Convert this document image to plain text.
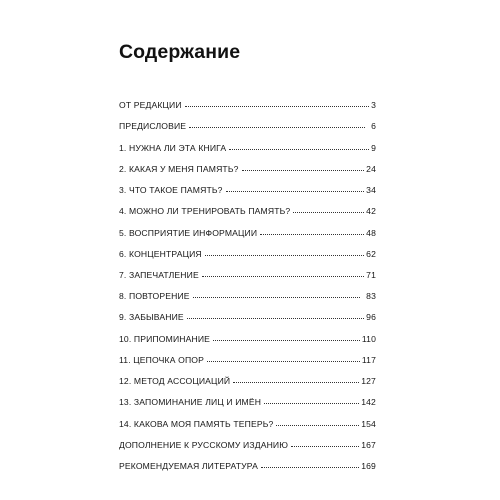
Содержание
ОТ РЕДАКЦИИ	3
ПРЕДИСЛОВИЕ	6
1. НУЖНА ЛИ ЭТА КНИГА	9
2. КАКАЯ У МЕНЯ ПАМЯТЬ?	24
3. ЧТО ТАКОЕ ПАМЯТЬ?	34
4. МОЖНО ЛИ ТРЕНИРОВАТЬ ПАМЯТЬ?	42
5. ВОСПРИЯТИЕ ИНФОРМАЦИИ	48
6. КОНЦЕНТРАЦИЯ	62
7. ЗАПЕЧАТЛЕНИЕ	71
8. ПОВТОРЕНИЕ	83
9. ЗАБЫВАНИЕ	96
10. ПРИПОМИНАНИЕ	110
11. ЦЕПОЧКА ОПОР	117
12. МЕТОД АССОЦИАЦИЙ	127
13. ЗАПОМИНАНИЕ ЛИЦ И ИМЁН	142
14. КАКОВА МОЯ ПАМЯТЬ ТЕПЕРЬ?	154
ДОПОЛНЕНИЕ К РУССКОМУ ИЗДАНИЮ	167
РЕКОМЕНДУЕМАЯ ЛИТЕРАТУРА	169
